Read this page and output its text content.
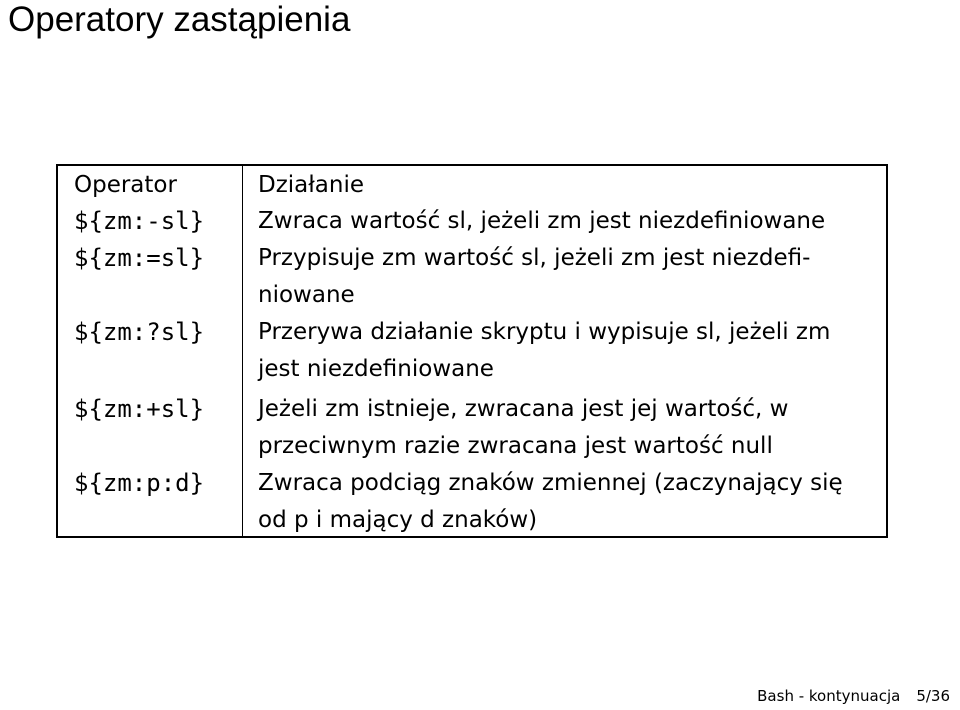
Operatory zastąpienia
Operator	Działanie
${zm:-sl} Zwraca wartość sl, jeżeli zm jest niezdefiniowane
${zm:=sl} Przypisuje zm wartość sl, jeżeli zm jest niezdefi-
niowane
${zm:?sl} Przerywa działanie skryptu i wypisuje sl, jeżeli zm
jest niezdefiniowane
${zm:+sl} Jeżeli zm istnieje, zwracana jest jej wartość, w
przeciwnym razie zwracana jest wartość null
${zm:p:d} Zwraca podciąg znaków zmiennej (zaczynający się
od p i mający d znaków)
Bash - kontynuacja 5/36
